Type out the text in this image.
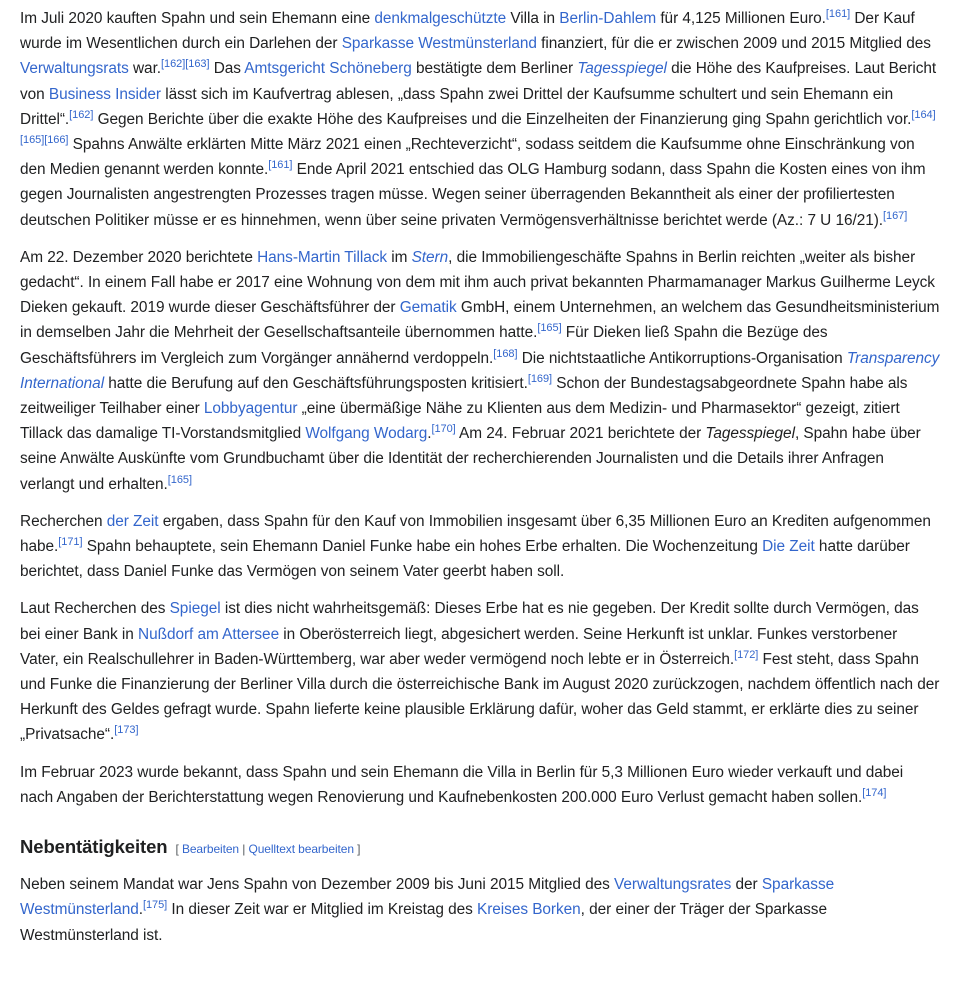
Im Juli 2020 kauften Spahn und sein Ehemann eine denkmalgeschützte Villa in Berlin-Dahlem für 4,125 Millionen Euro.[161] Der Kauf wurde im Wesentlichen durch ein Darlehen der Sparkasse Westmünsterland finanziert, für die er zwischen 2009 und 2015 Mitglied des Verwaltungsrats war.[162][163] Das Amtsgericht Schöneberg bestätigte dem Berliner Tagesspiegel die Höhe des Kaufpreises. Laut Bericht von Business Insider lässt sich im Kaufvertrag ablesen, „dass Spahn zwei Drittel der Kaufsumme schultert und sein Ehemann ein Drittel“.[162] Gegen Berichte über die exakte Höhe des Kaufpreises und die Einzelheiten der Finanzierung ging Spahn gerichtlich vor.[164][165][166] Spahns Anwälte erklärten Mitte März 2021 einen „Rechteverzicht“, sodass seitdem die Kaufsumme ohne Einschränkung von den Medien genannt werden konnte.[161] Ende April 2021 entschied das OLG Hamburg sodann, dass Spahn die Kosten eines von ihm gegen Journalisten angestrengten Prozesses tragen müsse. Wegen seiner überragenden Bekanntheit als einer der profiliertesten deutschen Politiker müsse er es hinnehmen, wenn über seine privaten Vermögensverhältnisse berichtet werde (Az.: 7 U 16/21).[167]

Am 22. Dezember 2020 berichtete Hans-Martin Tillack im Stern, die Immobiliengeschäfte Spahns in Berlin reichten „weiter als bisher gedacht“. In einem Fall habe er 2017 eine Wohnung von dem mit ihm auch privat bekannten Pharmamanager Markus Guilherme Leyck Dieken gekauft. 2019 wurde dieser Geschäftsführer der Gematik GmbH, einem Unternehmen, an welchem das Gesundheitsministerium in demselben Jahr die Mehrheit der Gesellschaftsanteile übernommen hatte.[165] Für Dieken ließ Spahn die Bezüge des Geschäftsführers im Vergleich zum Vorgänger annähernd verdoppeln.[168] Die nichtstaatliche Antikorruptions-Organisation Transparency International hatte die Berufung auf den Geschäftsführungsposten kritisiert.[169] Schon der Bundestagsabgeordnete Spahn habe als zeitweiliger Teilhaber einer Lobbyagentur „eine übermäßige Nähe zu Klienten aus dem Medizin- und Pharmasektor“ gezeigt, zitiert Tillack das damalige TI-Vorstandsmitglied Wolfgang Wodarg.[170] Am 24. Februar 2021 berichtete der Tagesspiegel, Spahn habe über seine Anwälte Auskünfte vom Grundbuchamt über die Identität der recherchierenden Journalisten und die Details ihrer Anfragen verlangt und erhalten.[165]

Recherchen der Zeit ergaben, dass Spahn für den Kauf von Immobilien insgesamt über 6,35 Millionen Euro an Krediten aufgenommen habe.[171] Spahn behauptete, sein Ehemann Daniel Funke habe ein hohes Erbe erhalten. Die Wochenzeitung Die Zeit hatte darüber berichtet, dass Daniel Funke das Vermögen von seinem Vater geerbt haben soll.

Laut Recherchen des Spiegel ist dies nicht wahrheitsgemäß: Dieses Erbe hat es nie gegeben. Der Kredit sollte durch Vermögen, das bei einer Bank in Nußdorf am Attersee in Oberösterreich liegt, abgesichert werden. Seine Herkunft ist unklar. Funkes verstorbener Vater, ein Realschullehrer in Baden-Württemberg, war aber weder vermögend noch lebte er in Österreich.[172] Fest steht, dass Spahn und Funke die Finanzierung der Berliner Villa durch die österreichische Bank im August 2020 zurückzogen, nachdem öffentlich nach der Herkunft des Geldes gefragt wurde. Spahn lieferte keine plausible Erklärung dafür, woher das Geld stammt, er erklärte dies zu seiner „Privatsache“.[173]

Im Februar 2023 wurde bekannt, dass Spahn und sein Ehemann die Villa in Berlin für 5,3 Millionen Euro wieder verkauft und dabei nach Angaben der Berichterstattung wegen Renovierung und Kaufnebenkosten 200.000 Euro Verlust gemacht haben sollen.[174]

Nebentätigkeiten [ Bearbeiten | Quelltext bearbeiten ]

Neben seinem Mandat war Jens Spahn von Dezember 2009 bis Juni 2015 Mitglied des Verwaltungsrates der Sparkasse Westmünsterland.[175] In dieser Zeit war er Mitglied im Kreistag des Kreises Borken, der einer der Träger der Sparkasse Westmünsterland ist.
